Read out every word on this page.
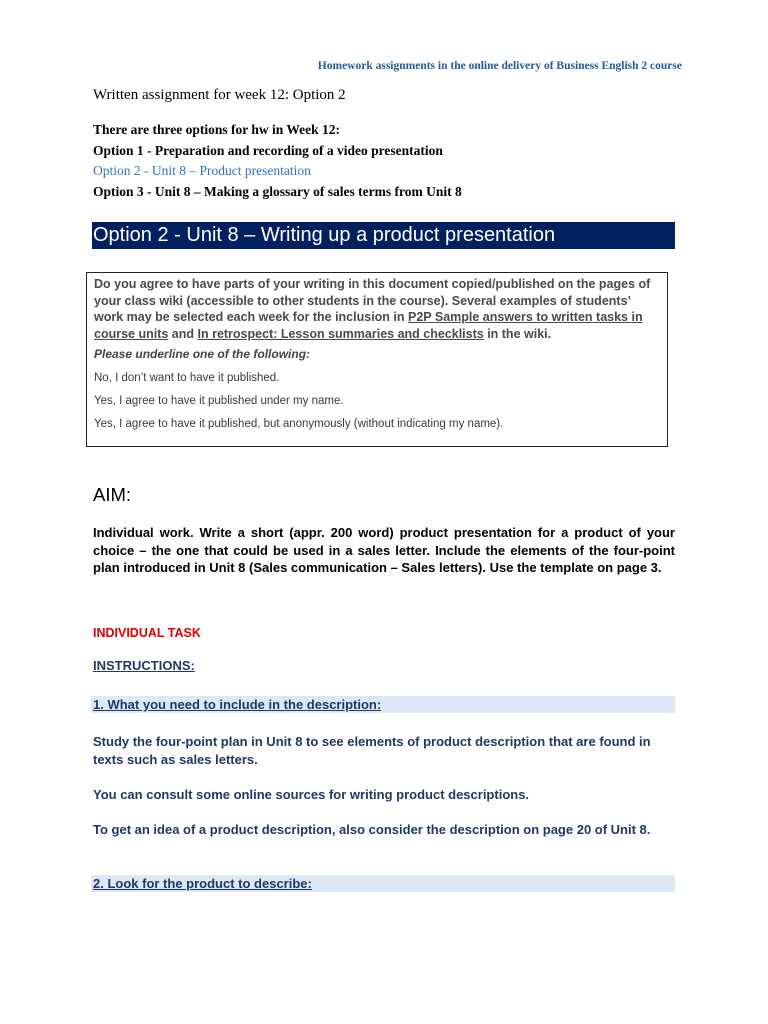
Homework assignments in the online delivery of Business English 2 course
Written assignment for week 12: Option 2
There are three options for hw in Week 12:
Option 1 - Preparation and recording of a video presentation
Option 2 - Unit 8 – Product presentation
Option 3 - Unit 8 – Making a glossary of sales terms from Unit 8
Option 2 - Unit 8 – Writing up a product presentation
Do you agree to have parts of your writing in this document copied/published on the pages of your class wiki (accessible to other students in the course). Several examples of students’ work may be selected each week for the inclusion in P2P Sample answers to written tasks in course units and In retrospect: Lesson summaries and checklists in the wiki.
Please underline one of the following:
No, I don’t want to have it published.
Yes, I agree to have it published under my name.
Yes, I agree to have it published, but anonymously (without indicating my name).
AIM:
Individual work. Write a short (appr. 200 word) product presentation for a product of your choice – the one that could be used in a sales letter. Include the elements of the four-point plan introduced in Unit 8 (Sales communication – Sales letters). Use the template on page 3.
INDIVIDUAL TASK
INSTRUCTIONS:
1. What you need to include in the description:
Study the four-point plan in Unit 8 to see elements of product description that are found in texts such as sales letters.
You can consult some online sources for writing product descriptions.
To get an idea of a product description, also consider the description on page 20 of Unit 8.
2. Look for the product to describe:
